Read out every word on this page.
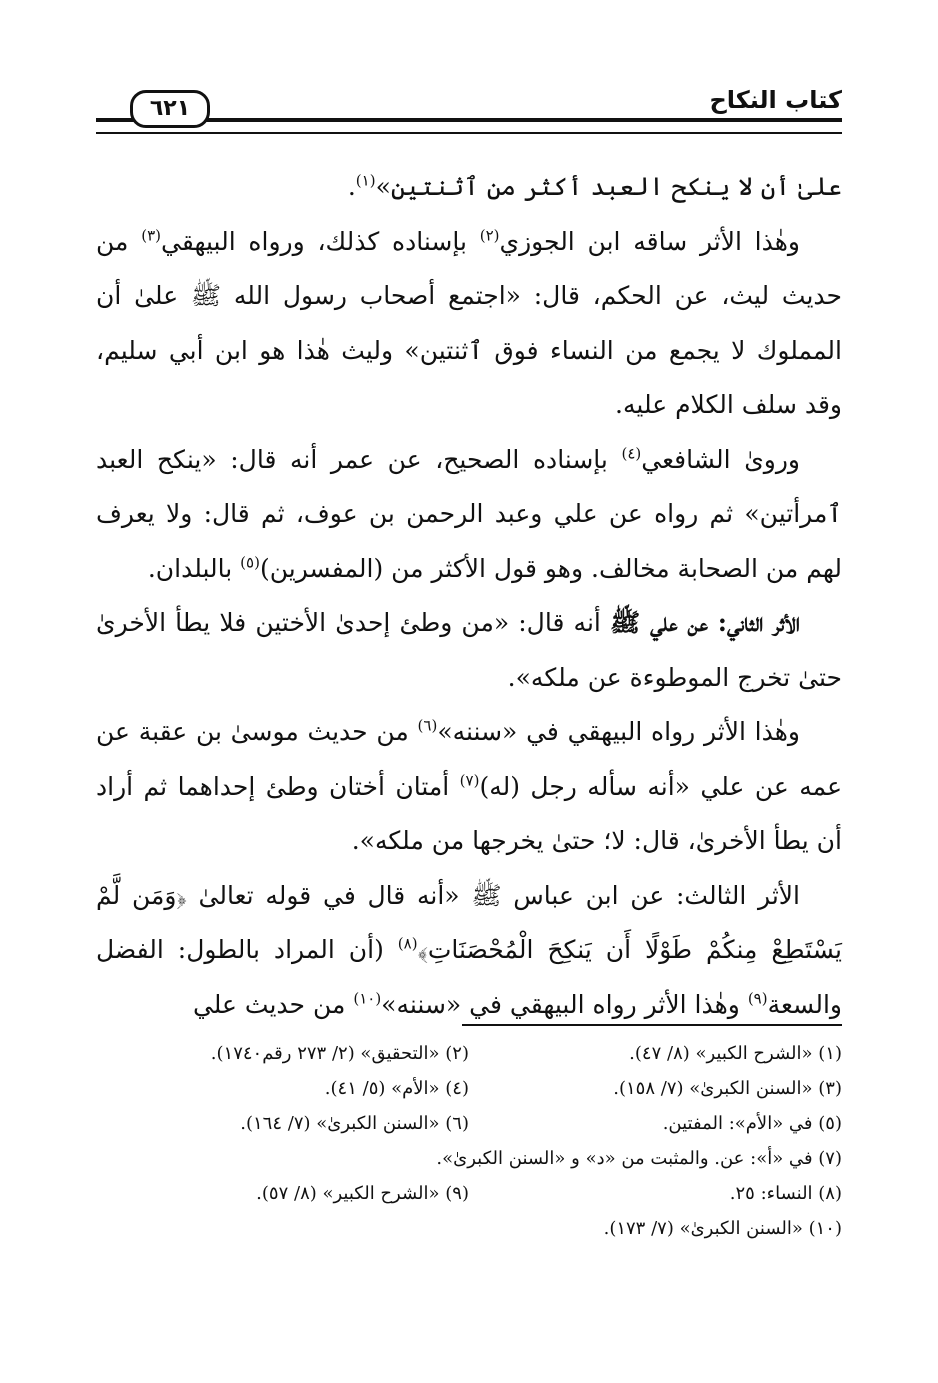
كتاب النكاح
٦٢١

علىٰ أن لا ينكح العبد أكثر من ٱثنتين»$^{(١)}$.

وهٰذا الأثر ساقه ابن الجوزي$^{(٢)}$ بإسناده كذلك، ورواه البيهقي$^{(٣)}$ من حديث ليث، عن الحكم، قال: «اجتمع أصحاب رسول الله ﷺ علىٰ أن المملوك لا يجمع من النساء فوق ٱثنتين» وليث هٰذا هو ابن أبي سليم، وقد سلف الكلام عليه.

وروىٰ الشافعي$^{(٤)}$ بإسناده الصحيح، عن عمر أنه قال: «ينكح العبد ٱمرأتين» ثم رواه عن علي وعبد الرحمن بن عوف، ثم قال: ولا يعرف لهم من الصحابة مخالف. وهو قول الأكثر من (المفسرين)$^{(٥)}$ بالبلدان.

الأثر الثاني: عن علي ﷺ أنه قال: «من وطئ إحدىٰ الأختين فلا يطأ الأخرىٰ حتىٰ تخرج الموطوءة عن ملكه».

وهٰذا الأثر رواه البيهقي في «سننه»$^{(٦)}$ من حديث موسىٰ بن عقبة عن عمه عن علي «أنه سأله رجل (له)$^{(٧)}$ أمتان أختان وطئ إحداهما ثم أراد أن يطأ الأخرىٰ، قال: لا؛ حتىٰ يخرجها من ملكه».

الأثر الثالث: عن ابن عباس ﷺ «أنه قال في قوله تعالىٰ ﴿وَمَن لَّمْ يَسْتَطِعْ مِنكُمْ طَوْلًا أَن يَنكِحَ الْمُحْصَنَاتِ﴾$^{(٨)}$ (أن المراد بالطول: الفضل والسعة$^{(٩)}$ وهٰذا الأثر رواه البيهقي في «سننه»$^{(١٠)}$ من حديث علي

(١) «الشرح الكبير» (٨/ ٤٧).
(٢) «التحقيق» (٢/ ٢٧٣ رقم١٧٤٠).
(٣) «السنن الكبرىٰ» (٧/ ١٥٨).
(٤) «الأم» (٥/ ٤١).
(٥) في «الأم»: المفتين.
(٦) «السنن الكبرىٰ» (٧/ ١٦٤).
(٧) في «أ»: عن. والمثبت من «د» و «السنن الكبرىٰ».
(٨) النساء: ٢٥.
(٩) «الشرح الكبير» (٨/ ٥٧).
(١٠) «السنن الكبرىٰ» (٧/ ١٧٣).
